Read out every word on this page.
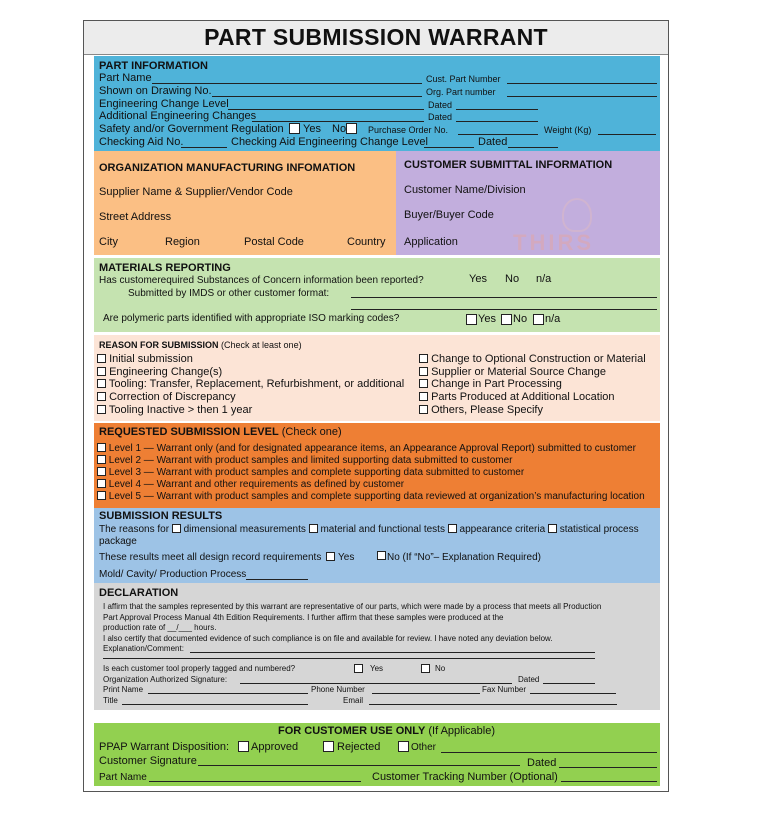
PART SUBMISSION WARRANT
PART INFORMATION
Part Name	Cust. Part Number
Shown on Drawing No.	Org. Part number
Engineering Change Level	Dated
Additional Engineering Changes	Dated
Safety and/or Government Regulation Yes No Purchase Order No.	Weight (Kg)
Checking Aid No.	Checking Aid Engineering Change Level	Dated
ORGANIZATION MANUFACTURING INFOMATION
Supplier Name & Supplier/Vendor Code
Street Address
City	Region	Postal Code	Country	THIRS
CUSTOMER SUBMITTAL INFORMATION
Customer Name/Division
Buyer/Buyer Code
Application
MATERIALS REPORTING
Has customerequired Substances of Concern information been reported?	Yes No n/a
Submitted by IMDS or other customer format:
Are polymeric parts identified with appropriate ISO marking codes?	Yes No n/a
REASON FOR SUBMISSION (Check at least one)
Initial submission
Engineering Change(s)
Tooling: Transfer, Replacement, Refurbishment, or additional
Correction of Discrepancy
Tooling Inactive > then 1 year
Change to Optional Construction or Material
Supplier or Material Source Change
Change in Part Processing
Parts Produced at Additional Location
Others, Please Specify
REQUESTED SUBMISSION LEVEL (Check one)
Level 1 — Warrant only (and for designated appearance items, an Appearance Approval Report) submitted to customer
Level 2 — Warrant with product samples and limited supporting data submitted to customer
Level 3 — Warrant with product samples and complete supporting data submitted to customer
Level 4 — Warrant and other requirements as defined by customer
Level 5 — Warrant with product samples and complete supporting data reviewed at organization’s manufacturing location
SUBMISSION RESULTS
The reasons for dimensional measurements material and functional tests appearance criteria statistical process
package
These results meet all design record requirements Yes	No (If “No”– Explanation Required)
Mold/ Cavity/ Production Process
DECLARATION
I affirm that the samples represented by this warrant are representative of our parts, which were made by a process that meets all Production
Part Approval Process Manual 4th Edition Requirements. I further affirm that these samples were produced at the
production rate of __/___ hours.
I also certify that documented evidence of such compliance is on file and available for review. I have noted any deviation below.
Explanation/Comment:
Is each customer tool properly tagged and numbered?	Yes	No
Organization Authorized Signature:	Dated
Print Name	Phone Number	Fax Number
Title	Email
FOR CUSTOMER USE ONLY (If Applicable)
PPAP Warrant Disposition: Approved	Rejected	Other
Customer Signature	Dated
Part Name	Customer Tracking Number (Optional)
